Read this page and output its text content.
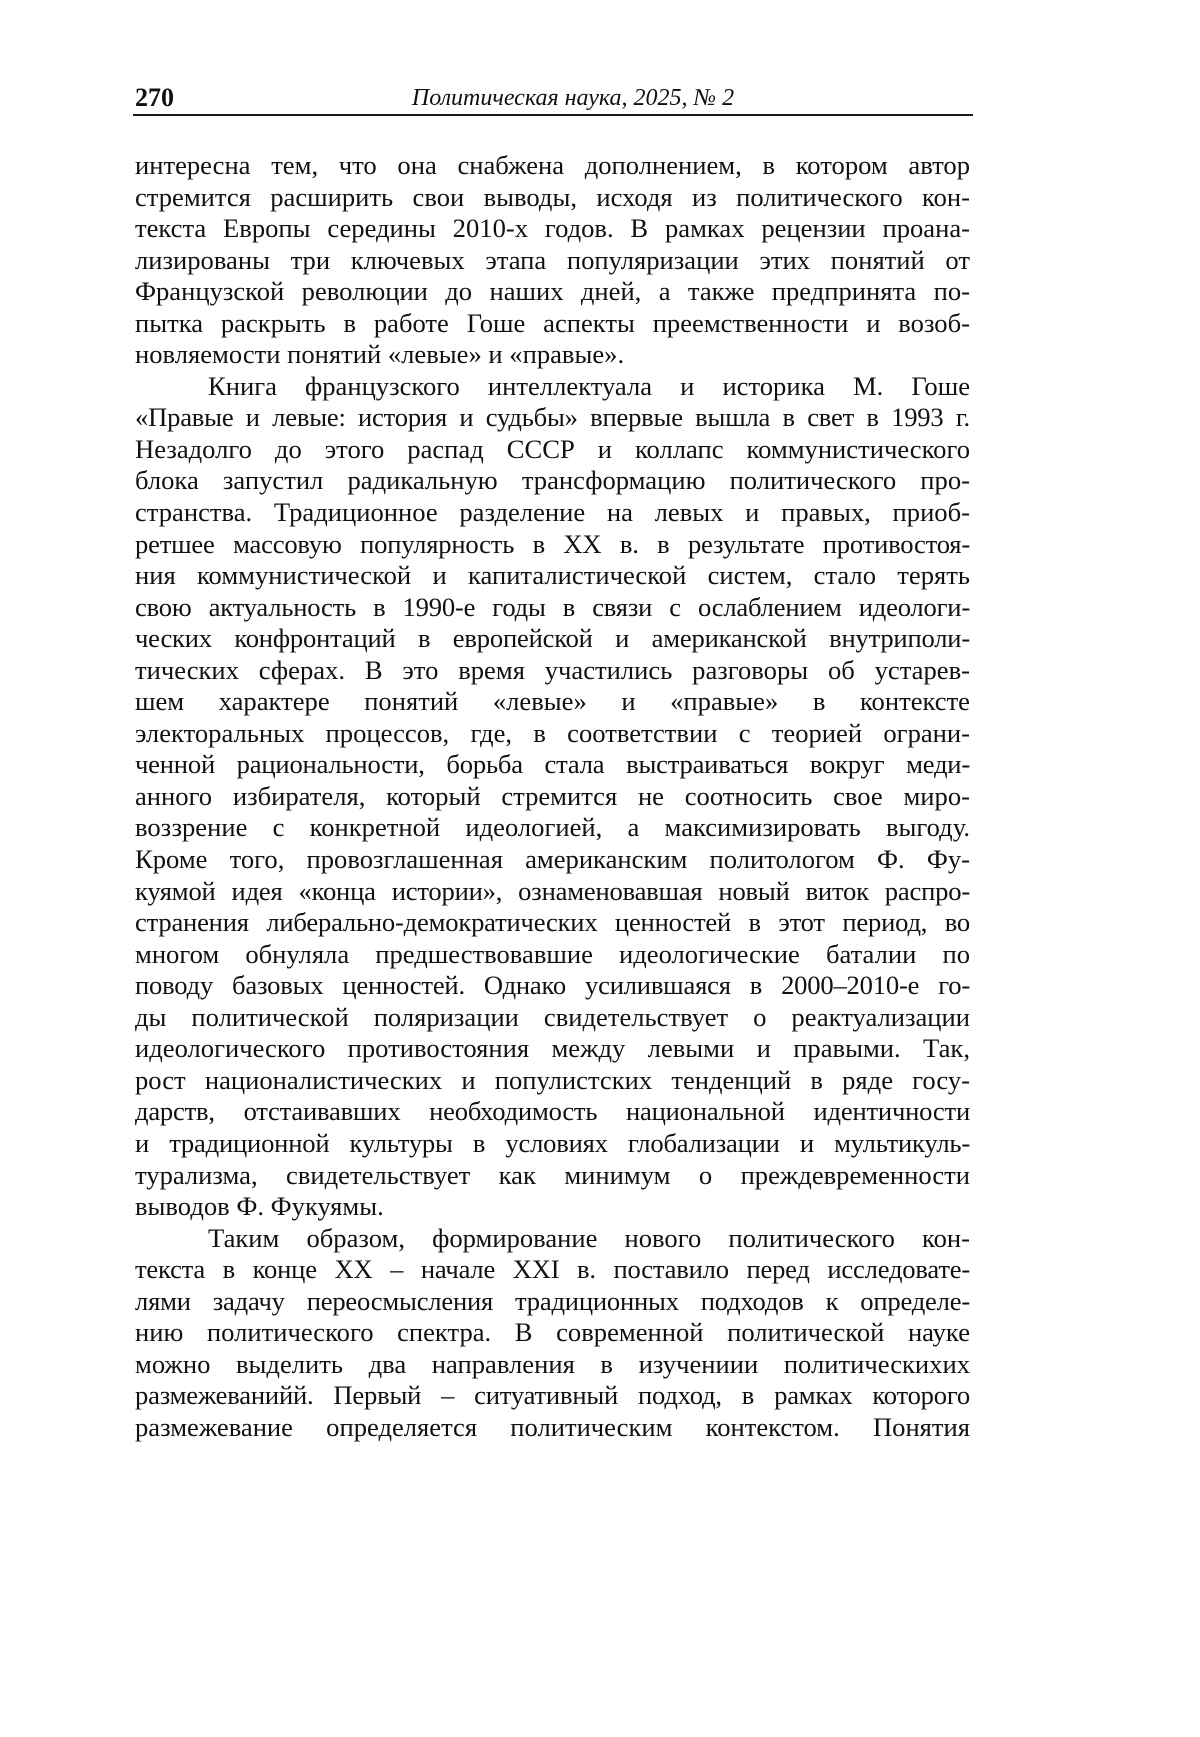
270	Политическая наука, 2025, № 2
интересна тем, что она снабжена дополнением, в котором автор
стремится расширить свои выводы, исходя из политического кон-
текста Европы середины 2010-х годов. В рамках рецензии проана-
лизированы три ключевых этапа популяризации этих понятий от
Французской революции до наших дней, а также предпринята по-
пытка раскрыть в работе Гоше аспекты преемственности и возоб-
новляемости понятий «левые» и «правые».
Книга французского интеллектуала и историка М. Гоше
«Правые и левые: история и судьбы» впервые вышла в свет в 1993 г.
Незадолго до этого распад СССР и коллапс коммунистического
блока запустил радикальную трансформацию политического про-
странства. Традиционное разделение на левых и правых, приоб-
ретшее массовую популярность в XX в. в результате противостоя-
ния коммунистической и капиталистической систем, стало терять
свою актуальность в 1990-е годы в связи с ослаблением идеологи-
ческих конфронтаций в европейской и американской внутриполи-
тических сферах. В это время участились разговоры об устарев-
шем характере понятий «левые» и «правые» в контексте
электоральных процессов, где, в соответствии с теорией ограни-
ченной рациональности, борьба стала выстраиваться вокруг меди-
анного избирателя, который стремится не соотносить свое миро-
воззрение с конкретной идеологией, а максимизировать выгоду.
Кроме того, провозглашенная американским политологом Ф. Фу-
куямой идея «конца истории», ознаменовавшая новый виток распро-
странения либерально-демократических ценностей в этот период, во
многом обнуляла предшествовавшие идеологические баталии по
поводу базовых ценностей. Однако усилившаяся в 2000–2010-е го-
ды политической поляризации свидетельствует о реактуализации
идеологического противостояния между левыми и правыми. Так,
рост националистических и популистских тенденций в ряде госу-
дарств, отстаивавших необходимость национальной идентичности
и традиционной культуры в условиях глобализации и мультикуль-
турализма, свидетельствует как минимум о преждевременности
выводов Ф. Фукуямы.
Таким образом, формирование нового политического кон-
текста в конце XX – начале XXI в. поставило перед исследовате-
лями задачу переосмысления традиционных подходов к определе-
нию политического спектра. В современной политической науке
можно выделить два направления в изучениии политическихих
размежеванийй. Первый – ситуативный подход, в рамках которого
размежевание определяется политическим контекстом. Понятия
